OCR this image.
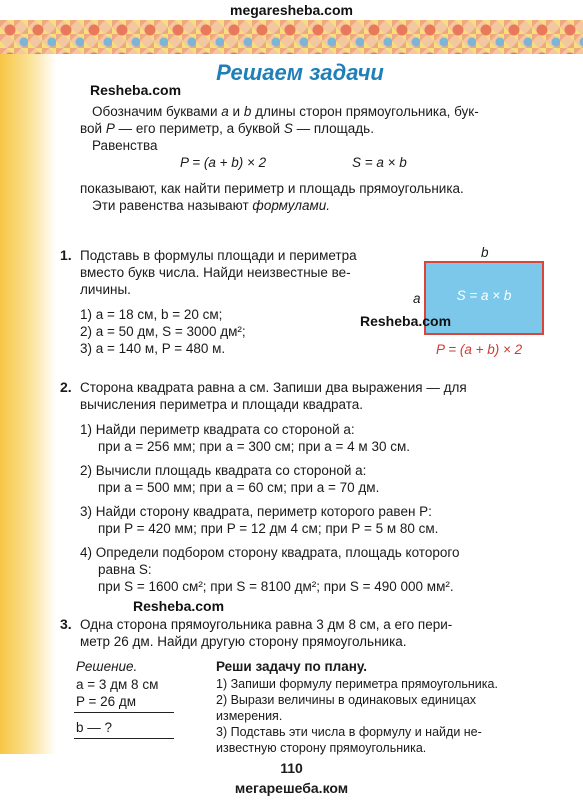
megaresheba.com
Решаем задачи
Resheba.com
Обозначим буквами a и b длины сторон прямоугольника, бук-
вой P — его периметр, а буквой S — площадь.
Равенства
P = (a + b) × 2	S = a × b
показывают, как найти периметр и площадь прямоугольника.
Эти равенства называют формулами.
1. Подставь в формулы площади и периметра
вместо букв числа. Найди неизвестные ве-
личины.
1) a = 18 см, b = 20 см;
2) a = 50 дм, S = 3000 дм²;
3) a = 140 м, P = 480 м.
b
a	S = a × b
Resheba.com
P = (a + b) × 2
2. Сторона квадрата равна a см. Запиши два выражения — для
вычисления периметра и площади квадрата.
1) Найди периметр квадрата со стороной a:
при a = 256 мм; при a = 300 см; при a = 4 м 30 см.
2) Вычисли площадь квадрата со стороной a:
при a = 500 мм; при a = 60 см; при a = 70 дм.
3) Найди сторону квадрата, периметр которого равен P:
при P = 420 мм; при P = 12 дм 4 см; при P = 5 м 80 см.
4) Определи подбором сторону квадрата, площадь которого
равна S:
при S = 1600 см²; при S = 8100 дм²; при S = 490 000 мм².
Resheba.com
3. Одна сторона прямоугольника равна 3 дм 8 см, а его пери-
метр 26 дм. Найди другую сторону прямоугольника.
Решение.
a = 3 дм 8 см
P = 26 дм
b — ?
Реши задачу по плану.
1) Запиши формулу периметра прямоугольника.
2) Вырази величины в одинаковых единицах
измерения.
3) Подставь эти числа в формулу и найди не-
известную сторону прямоугольника.
110
мегарешеба.ком
